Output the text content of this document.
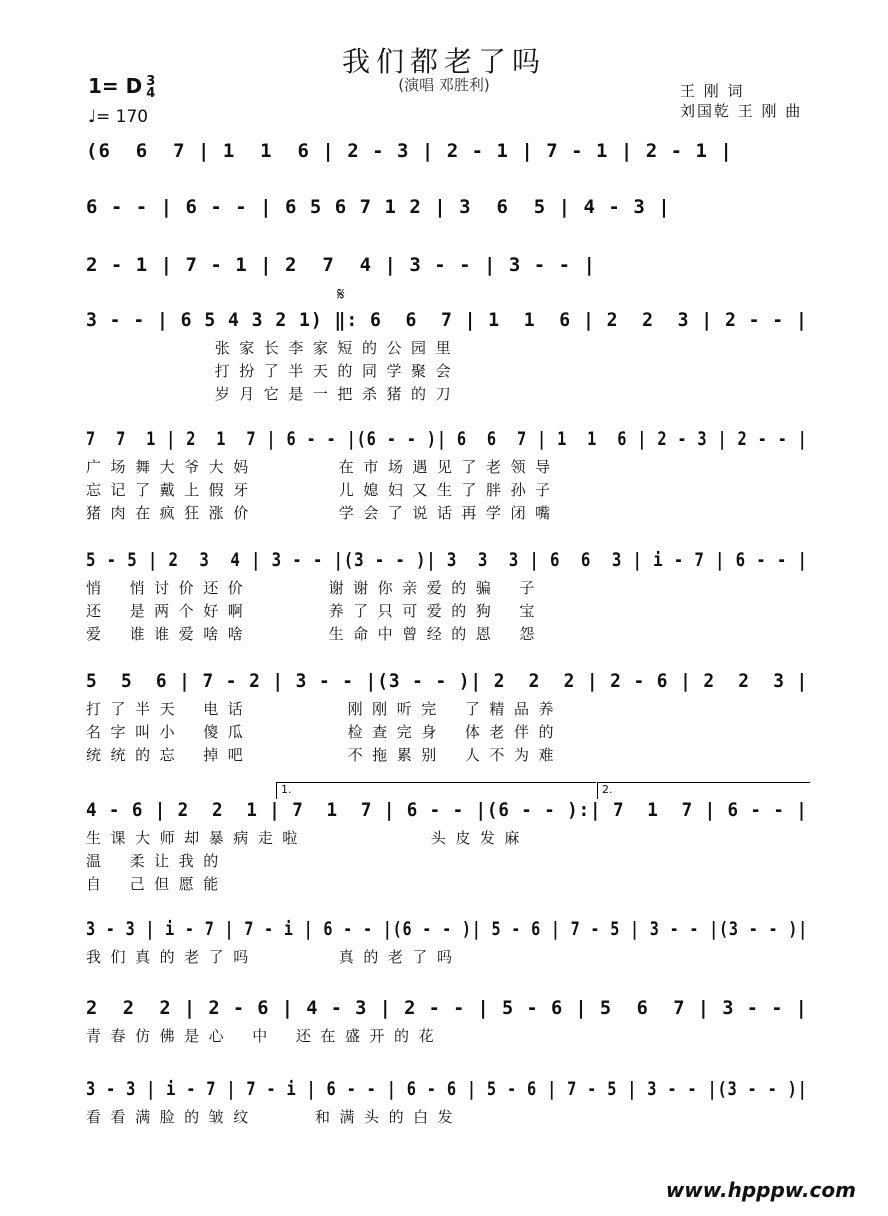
我们都老了吗
(演唱 邓胜利)
1= D 3
4
♩= 170
王 刚 词
刘国乾 王 刚 曲
(6  6  7 | 1  1  6 | 2 - 3 | 2 - 1 | 7 - 1 | 2 - 1 |
6 - - | 6 - - | 6 5 6 7 1 2 | 3  6  5 | 4 - 3 |
2 - 1 | 7 - 1 | 2  7  4 | 3 - - | 3 - - |
3 - - | 6 5 4 3 2 1) ‖: 6  6  7 | 1  1  6 | 2  2  3 | 2 - - |
张  家  长  李  家  短  的  公  园  里
打  扮  了  半  天  的  同  学  聚  会
岁  月  它  是  一  把  杀  猪  的  刀
7  7  1 | 2  1  7 | 6 - - |(6 - - )| 6  6  7 | 1  1  6 | 2 - 3 | 2 - - |
广  场  舞  大  爷  大  妈                   在  市  场  遇  见  了  老  领  导
忘  记  了  戴  上  假  牙                   儿  媳  妇  又  生  了  胖  孙  子
猪  肉  在  疯  狂  涨  价                   学  会  了  说  话  再  学  闭  嘴
5 - 5 | 2  3  4 | 3 - - |(3 - - )| 3  3  3 | 6  6  3 | i - 7 | 6 - - |
悄      悄  讨  价  还  价                  谢  谢  你  亲  爱  的  骗      子
还      是  两  个  好  啊                  养  了  只  可  爱  的  狗      宝
爱      谁  谁  爱  啥  啥                  生  命  中  曾  经  的  恩      怨
5  5  6 | 7 - 2 | 3 - - |(3 - - )| 2  2  2 | 2 - 6 | 2  2  3 |
打  了  半  天      电  话                      刚  刚  听  完      了  精  品  养
名  字  叫  小      傻  瓜                      检  查  完  身      体  老  伴  的
统  统  的  忘      掉  吧                      不  拖  累  别      人  不  为  难
4 - 6 | 2  2  1 | 7  1  7 | 6 - - |(6 - - ):| 7  1  7 | 6 - - |
生  课  大  师  却  暴  病  走  啦                            头  皮  发  麻
温      柔  让  我  的
自      己  但  愿  能
3 - 3 | i - 7 | 7 - i | 6 - - |(6 - - )| 5 - 6 | 7 - 5 | 3 - - |(3 - - )|
我  们  真  的  老  了  吗                   真  的  老  了  吗
2  2  2 | 2 - 6 | 4 - 3 | 2 - - | 5 - 6 | 5  6  7 | 3 - - |
青  春  仿  佛  是  心      中      还  在  盛  开  的  花
3 - 3 | i - 7 | 7 - i | 6 - - | 6 - 6 | 5 - 6 | 7 - 5 | 3 - - |(3 - - )|
看  看  满  脸  的  皱  纹              和  满  头  的  白  发
𝄋
1.	2.
www.hpppw.com
